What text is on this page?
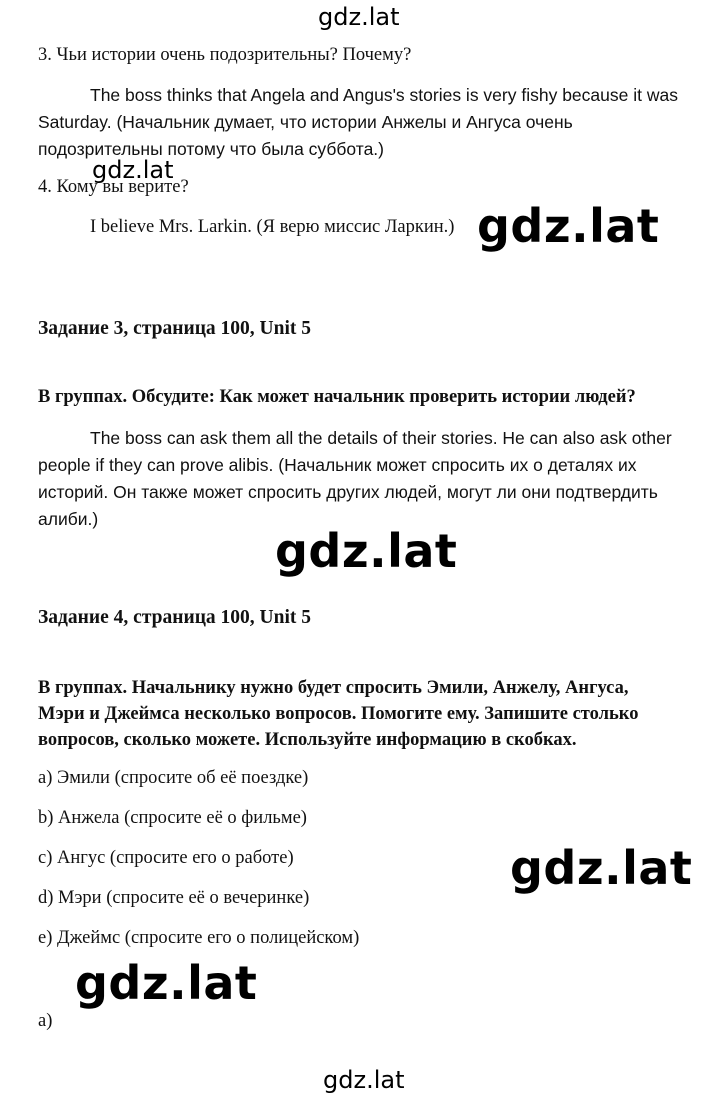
gdz.lat
gdz.lat
gdz.lat
gdz.lat
gdz.lat
gdz.lat
gdz.lat
3. Чьи истории очень подозрительны? Почему?
The boss thinks that Angela and Angus's stories is very fishy because it was
Saturday. (Начальник думает, что истории Анжелы и Ангуса очень
подозрительны потому что была суббота.)
4. Кому вы верите?
I believe Mrs. Larkin. (Я верю миссис Ларкин.)
Задание 3, страница 100, Unit 5
В группах. Обсудите: Как может начальник проверить истории людей?
The boss can ask them all the details of their stories. He can also ask other
people if they can prove alibis. (Начальник может спросить их о деталях их
историй. Он также может спросить других людей, могут ли они подтвердить
алиби.)
Задание 4, страница 100, Unit 5
В группах. Начальнику нужно будет спросить Эмили, Анжелу, Ангуса,
Мэри и Джеймса несколько вопросов. Помогите ему. Запишите столько
вопросов, сколько можете. Используйте информацию в скобках.
a) Эмили (спросите об её поездке)
b) Анжела (спросите её о фильме)
c) Ангус (спросите его о работе)
d) Мэри (спросите её о вечеринке)
e) Джеймс (спросите его о полицейском)
a)
